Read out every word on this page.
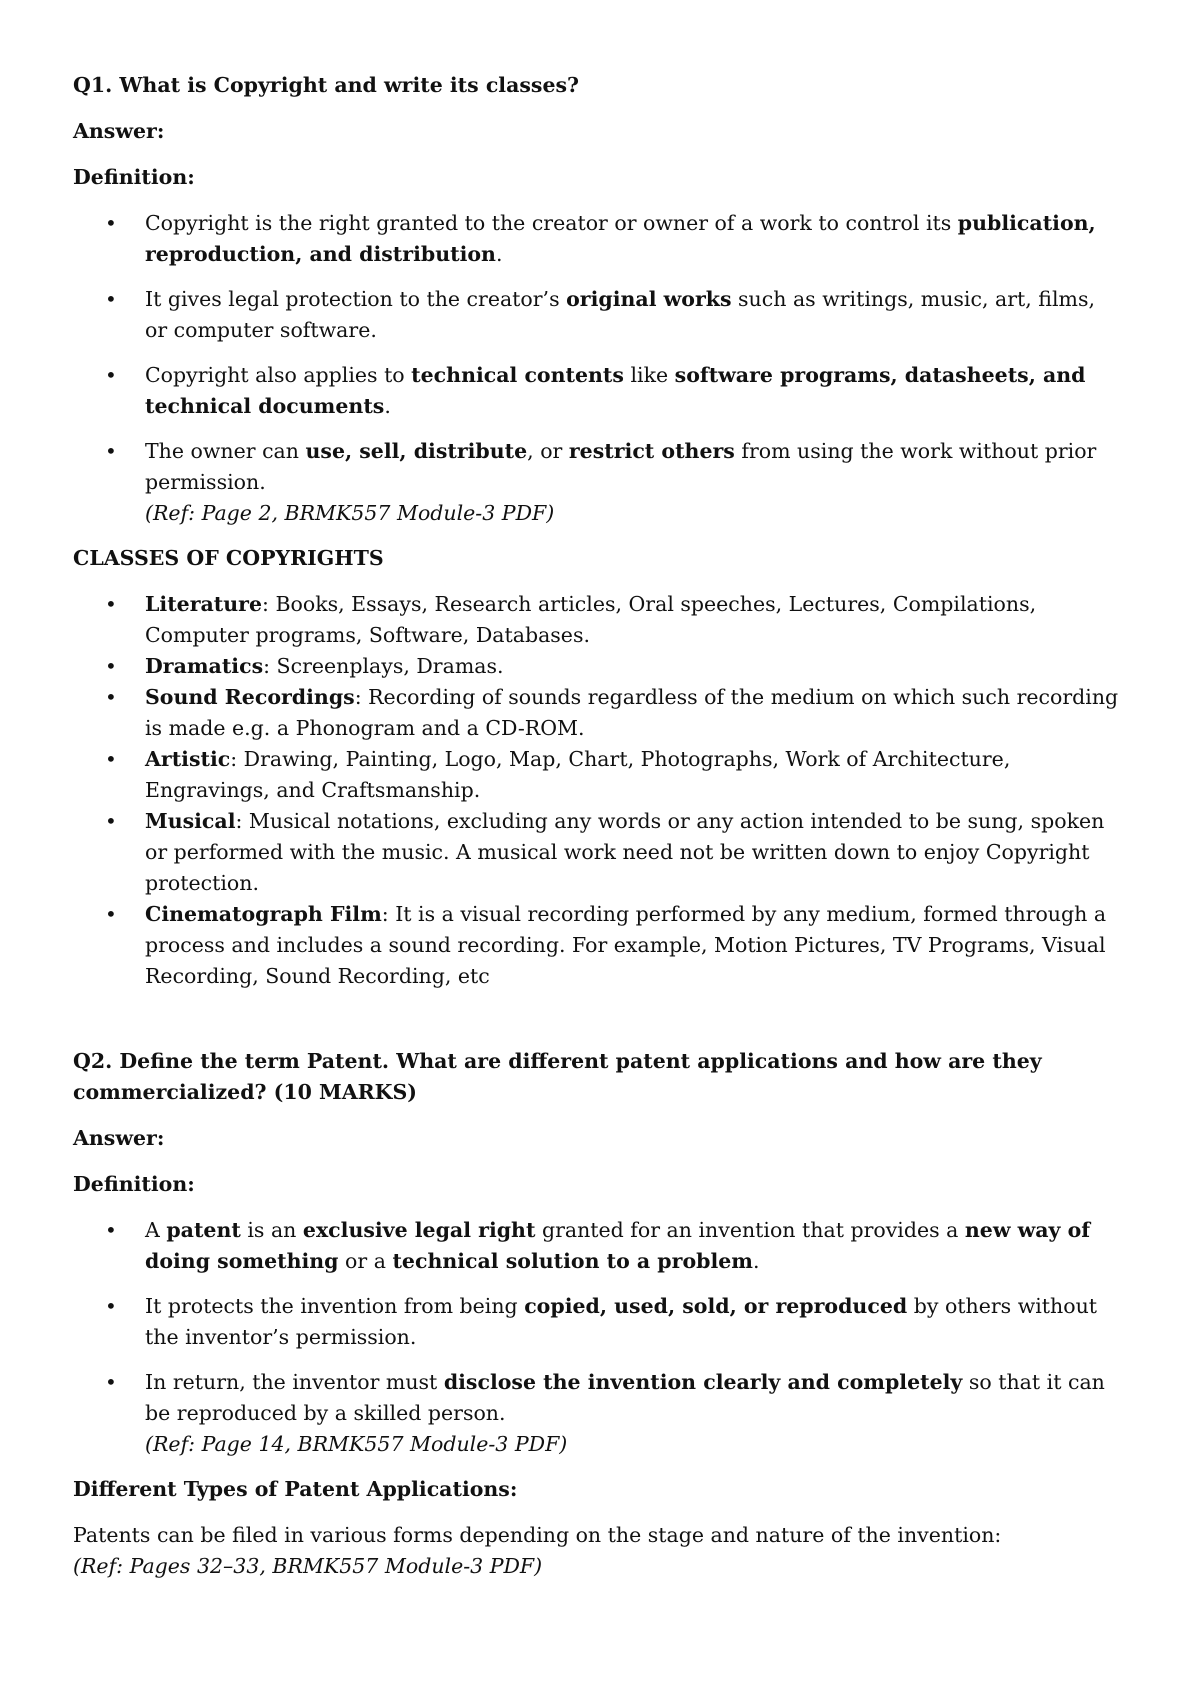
Q1. What is Copyright and write its classes?

Answer:

Definition:

• Copyright is the right granted to the creator or owner of a work to control its publication, reproduction, and distribution.
• It gives legal protection to the creator’s original works such as writings, music, art, films, or computer software.
• Copyright also applies to technical contents like software programs, datasheets, and technical documents.
• The owner can use, sell, distribute, or restrict others from using the work without prior permission.
(Ref: Page 2, BRMK557 Module-3 PDF)

CLASSES OF COPYRIGHTS

• Literature: Books, Essays, Research articles, Oral speeches, Lectures, Compilations, Computer programs, Software, Databases.
• Dramatics: Screenplays, Dramas.
• Sound Recordings: Recording of sounds regardless of the medium on which such recording is made e.g. a Phonogram and a CD-ROM.
• Artistic: Drawing, Painting, Logo, Map, Chart, Photographs, Work of Architecture, Engravings, and Craftsmanship.
• Musical: Musical notations, excluding any words or any action intended to be sung, spoken or performed with the music. A musical work need not be written down to enjoy Copyright protection.
• Cinematograph Film: It is a visual recording performed by any medium, formed through a process and includes a sound recording. For example, Motion Pictures, TV Programs, Visual Recording, Sound Recording, etc

Q2. Define the term Patent. What are different patent applications and how are they commercialized? (10 MARKS)

Answer:

Definition:

• A patent is an exclusive legal right granted for an invention that provides a new way of doing something or a technical solution to a problem.
• It protects the invention from being copied, used, sold, or reproduced by others without the inventor’s permission.
• In return, the inventor must disclose the invention clearly and completely so that it can be reproduced by a skilled person.
(Ref: Page 14, BRMK557 Module-3 PDF)

Different Types of Patent Applications:

Patents can be filed in various forms depending on the stage and nature of the invention:

(Ref: Pages 32–33, BRMK557 Module-3 PDF)
